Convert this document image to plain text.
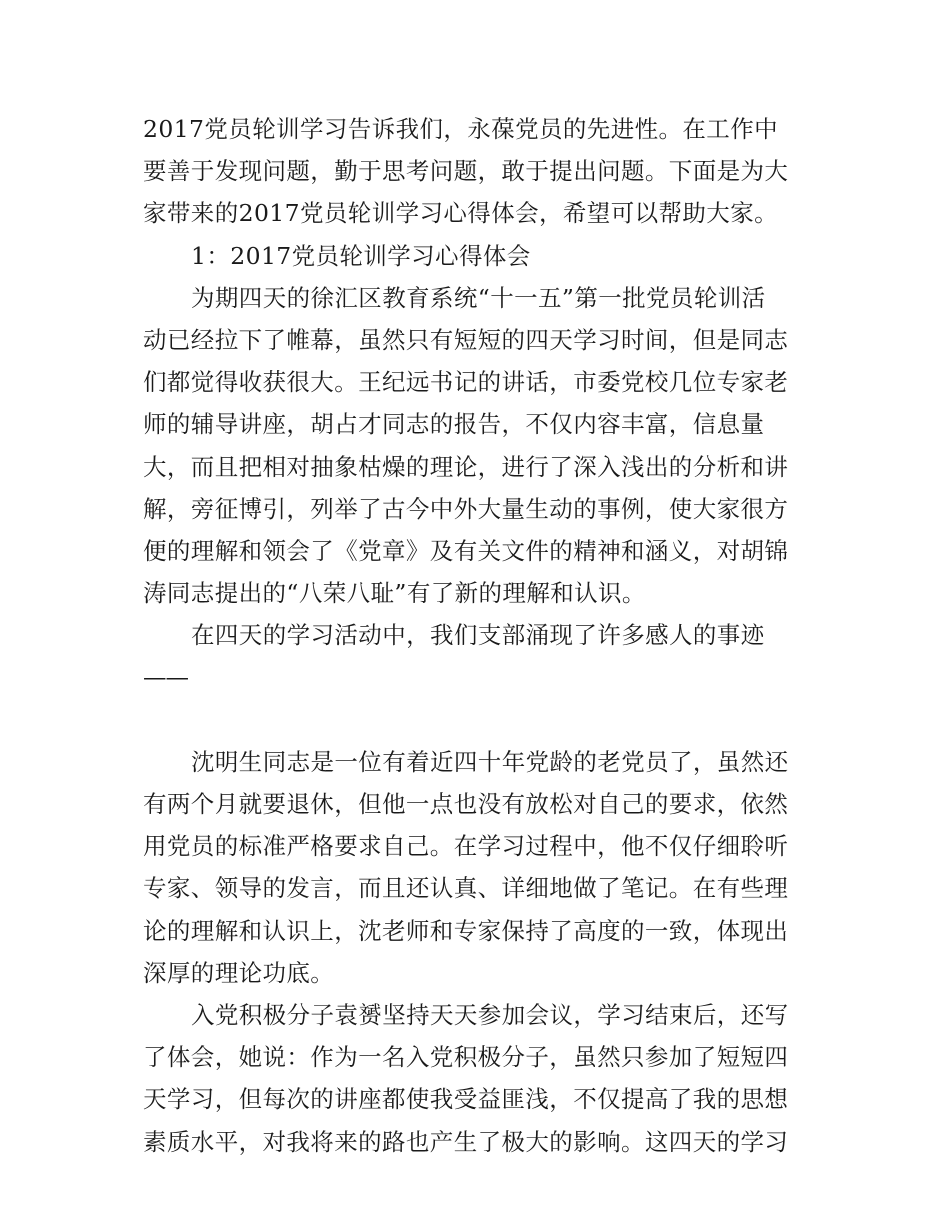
2017党员轮训学习告诉我们，永葆党员的先进性。在工作中
要善于发现问题，勤于思考问题，敢于提出问题。下面是为大
家带来的2017党员轮训学习心得体会，希望可以帮助大家。
1：2017党员轮训学习心得体会
为期四天的徐汇区教育系统“十一五”第一批党员轮训活
动已经拉下了帷幕，虽然只有短短的四天学习时间，但是同志
们都觉得收获很大。王纪远书记的讲话，市委党校几位专家老
师的辅导讲座，胡占才同志的报告，不仅内容丰富，信息量
大，而且把相对抽象枯燥的理论，进行了深入浅出的分析和讲
解，旁征博引，列举了古今中外大量生动的事例，使大家很方
便的理解和领会了《党章》及有关文件的精神和涵义，对胡锦
涛同志提出的“八荣八耻”有了新的理解和认识。
在四天的学习活动中，我们支部涌现了许多感人的事迹
——
沈明生同志是一位有着近四十年党龄的老党员了，虽然还
有两个月就要退休，但他一点也没有放松对自己的要求，依然
用党员的标准严格要求自己。在学习过程中，他不仅仔细聆听
专家、领导的发言，而且还认真、详细地做了笔记。在有些理
论的理解和认识上，沈老师和专家保持了高度的一致，体现出
深厚的理论功底。
入党积极分子袁赟坚持天天参加会议，学习结束后，还写
了体会，她说：作为一名入党积极分子，虽然只参加了短短四
天学习，但每次的讲座都使我受益匪浅，不仅提高了我的思想
素质水平，对我将来的路也产生了极大的影响。这四天的学习
